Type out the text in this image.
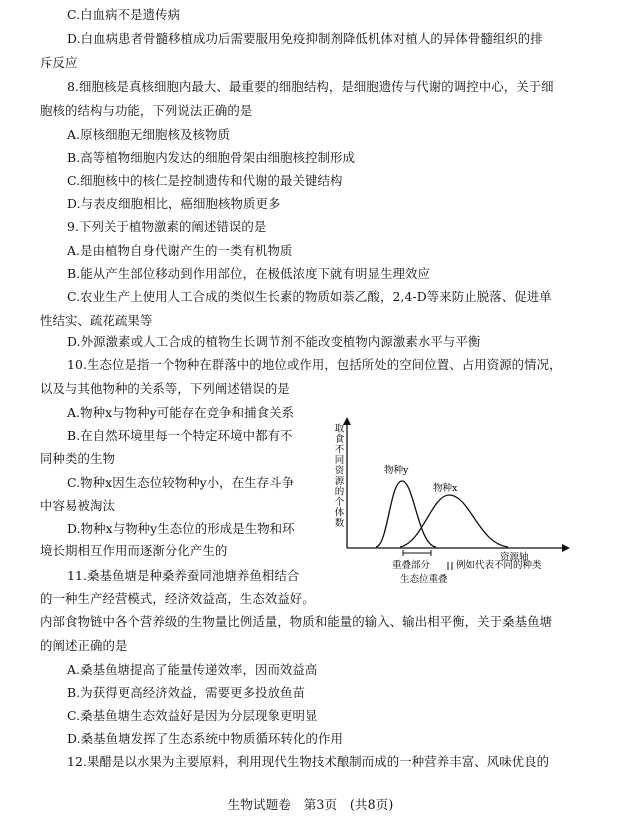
C.白血病不是遗传病
D.白血病患者骨髓移植成功后需要服用免疫抑制剂降低机体对植人的异体骨髓组织的排
斥反应
8.细胞核是真核细胞内最大、最重要的细胞结构，是细胞遗传与代谢的调控中心，关于细
胞核的结构与功能，下列说法正确的是
A.原核细胞无细胞核及核物质
B.高等植物细胞内发达的细胞骨架由细胞核控制形成
C.细胞核中的核仁是控制遗传和代谢的最关键结构
D.与表皮细胞相比，癌细胞核物质更多
9.下列关于植物激素的阐述错误的是
A.是由植物自身代谢产生的一类有机物质
B.能从产生部位移动到作用部位，在极低浓度下就有明显生理效应
C.农业生产上使用人工合成的类似生长素的物质如萘乙酸，2,4-D等来防止脱落、促进单
性结实、疏花疏果等
D.外源激素或人工合成的植物生长调节剂不能改变植物内源激素水平与平衡
10.生态位是指一个物种在群落中的地位或作用，包括所处的空间位置、占用资源的情况，
以及与其他物种的关系等，下列阐述错误的是
A.物种x与物种y可能存在竞争和捕食关系
B.在自然环境里每一个特定环境中都有不
同种类的生物
C.物种x因生态位较物种y小，在生存斗争
中容易被淘汰
D.物种x与物种y生态位的形成是生物和环
境长期相互作用而逐渐分化产生的
11.桑基鱼塘是种桑养蚕同池塘养鱼相结合
的一种生产经营模式，经济效益高，生态效益好。
内部食物链中各个营养级的生物量比例适量，物质和能量的输入、输出相平衡，关于桑基鱼塘
的阐述正确的是
A.桑基鱼塘提高了能量传递效率，因而效益高
B.为获得更高经济效益，需要更多投放鱼苗
C.桑基鱼塘生态效益好是因为分层现象更明显
D.桑基鱼塘发挥了生态系统中物质循环转化的作用
12.果醋是以水果为主要原料，利用现代生物技术酿制而成的一种营养丰富、风味优良的
生物试题卷　第3页　(共8页)
取食不同资源的个体数	物种y
物种x
资源轴
重叠部分	例如代表不同的种类
生态位重叠
